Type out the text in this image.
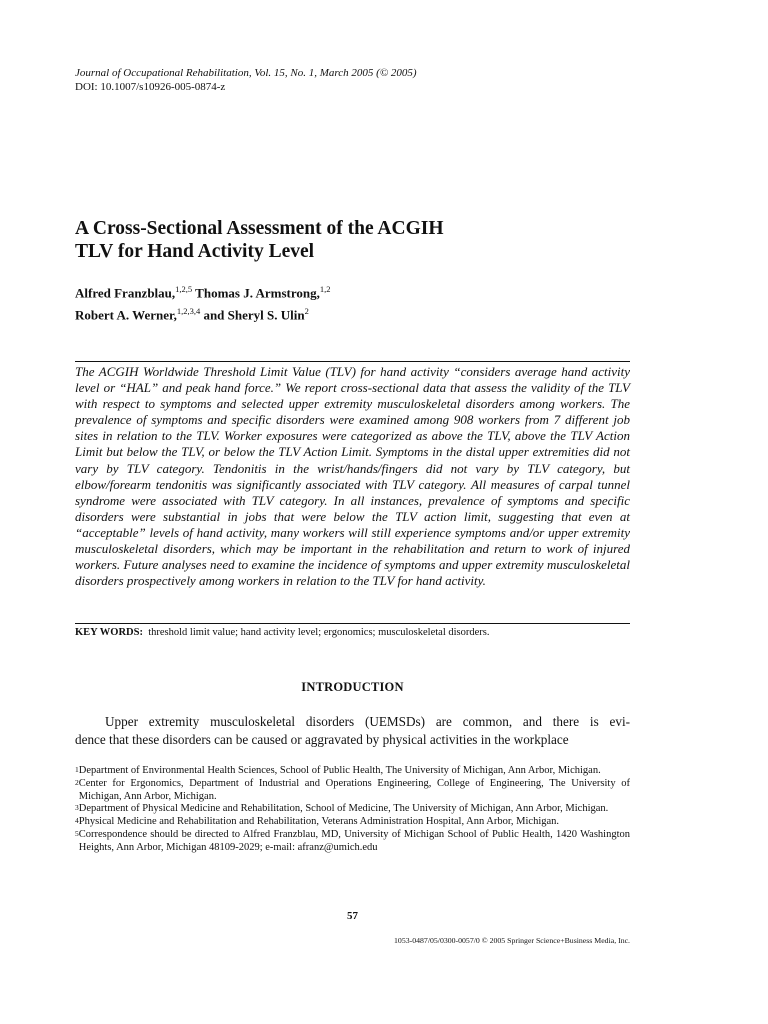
Journal of Occupational Rehabilitation, Vol. 15, No. 1, March 2005 (© 2005)
DOI: 10.1007/s10926-005-0874-z
A Cross-Sectional Assessment of the ACGIH
TLV for Hand Activity Level
Alfred Franzblau,$^{1,2,5}$ Thomas J. Armstrong,$^{1,2}$
Robert A. Werner,$^{1,2,3,4}$ and Sheryl S. Ulin$^2$
The ACGIH Worldwide Threshold Limit Value (TLV) for hand activity “considers average hand activity level or “HAL” and peak hand force.” We report cross-sectional data that assess the validity of the TLV with respect to symptoms and selected upper extremity musculoskeletal disorders among workers. The prevalence of symptoms and specific disorders were examined among 908 workers from 7 different job sites in relation to the TLV. Worker exposures were categorized as above the TLV, above the TLV Action Limit but below the TLV, or below the TLV Action Limit. Symptoms in the distal upper extremities did not vary by TLV category. Tendonitis in the wrist/hands/fingers did not vary by TLV category, but elbow/forearm tendonitis was significantly associated with TLV category. All measures of carpal tunnel syndrome were associated with TLV category. In all instances, prevalence of symptoms and specific disorders were substantial in jobs that were below the TLV action limit, suggesting that even at “acceptable” levels of hand activity, many workers will still experience symptoms and/or upper extremity musculoskeletal disorders, which may be important in the rehabilitation and return to work of injured workers. Future analyses need to examine the incidence of symptoms and upper extremity musculoskeletal disorders prospectively among workers in relation to the TLV for hand activity.
KEY WORDS: threshold limit value; hand activity level; ergonomics; musculoskeletal disorders.
INTRODUCTION
Upper extremity musculoskeletal disorders (UEMSDs) are common, and there is evi-
dence that these disorders can be caused or aggravated by physical activities in the workplace
1 Department of Environmental Health Sciences, School of Public Health, The University of Michigan, Ann Arbor, Michigan.
2 Center for Ergonomics, Department of Industrial and Operations Engineering, College of Engineering, The University of Michigan, Ann Arbor, Michigan.
3 Department of Physical Medicine and Rehabilitation, School of Medicine, The University of Michigan, Ann Arbor, Michigan.
4 Physical Medicine and Rehabilitation and Rehabilitation, Veterans Administration Hospital, Ann Arbor, Michigan.
5 Correspondence should be directed to Alfred Franzblau, MD, University of Michigan School of Public Health, 1420 Washington Heights, Ann Arbor, Michigan 48109-2029; e-mail: afranz@umich.edu
57
1053-0487/05/0300-0057/0 © 2005 Springer Science+Business Media, Inc.
